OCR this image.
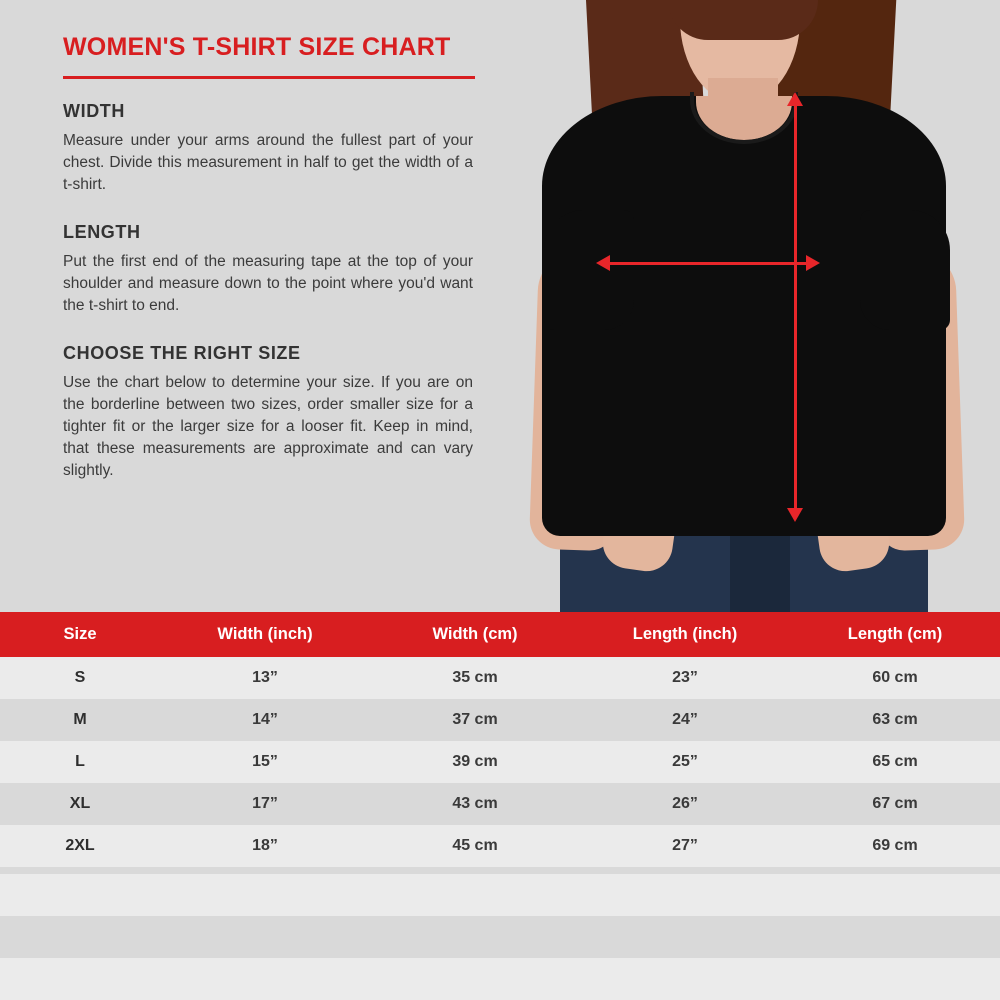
WOMEN'S T-SHIRT SIZE CHART
WIDTH

Measure under your arms around the fullest part of your chest. Divide this measurement in half to get the width of a t-shirt.

LENGTH

Put the first end of the measuring tape at the top of your shoulder and measure down to the point where you'd want the t-shirt to end.

CHOOSE THE RIGHT SIZE

Use the chart below to determine your size. If you are on the borderline between two sizes, order smaller size for a tighter fit or the larger size for a looser fit. Keep in mind, that these measurements are approximate and can vary slightly.

Size	Width (inch)	Width (cm)	Length (inch)	Length (cm)
S	13”	35 cm	23”	60 cm
M	14”	37 cm	24”	63 cm
L	15”	39 cm	25”	65 cm
XL	17”	43 cm	26”	67 cm
2XL	18”	45 cm	27”	69 cm
